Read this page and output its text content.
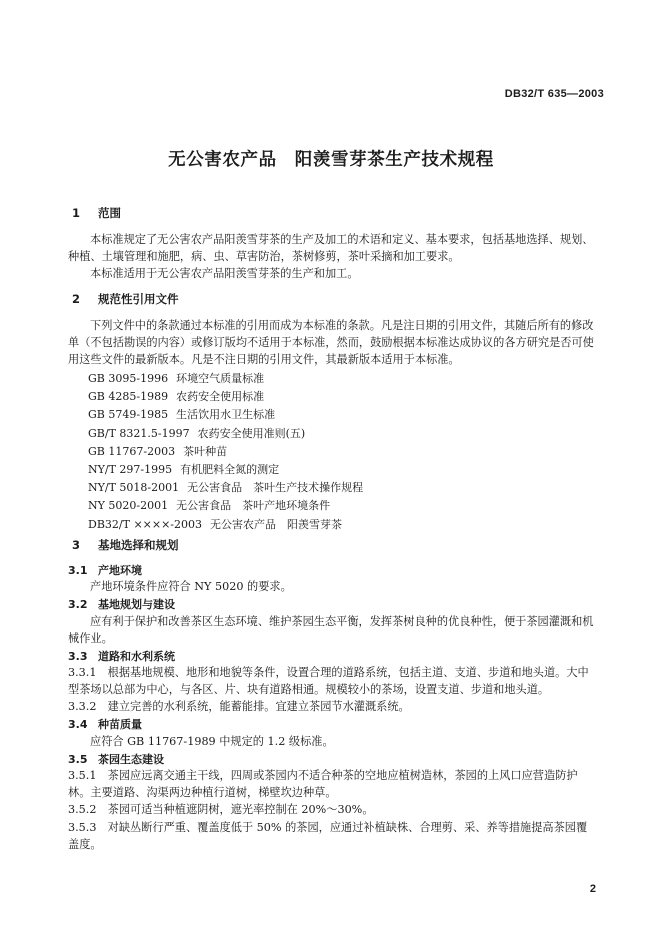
DB32/T 635—2003
无公害农产品　阳羡雪芽茶生产技术规程
1 范围
本标准规定了无公害农产品阳羡雪芽茶的生产及加工的术语和定义、基本要求，包括基地选择、规划、种植、土壤管理和施肥，病、虫、草害防治，茶树修剪，茶叶采摘和加工要求。
本标准适用于无公害农产品阳羡雪芽茶的生产和加工。
2 规范性引用文件
下列文件中的条款通过本标准的引用而成为本标准的条款。凡是注日期的引用文件，其随后所有的修改单（不包括勘误的内容）或修订版均不适用于本标准，然而，鼓励根据本标准达成协议的各方研究是否可使用这些文件的最新版本。凡是不注日期的引用文件，其最新版本适用于本标准。
GB 3095-1996 环境空气质量标准
GB 4285-1989 农药安全使用标准
GB 5749-1985 生活饮用水卫生标准
GB/T 8321.5-1997 农药安全使用准则(五)
GB 11767-2003 茶叶种苗
NY/T 297-1995 有机肥料全氮的测定
NY/T 5018-2001 无公害食品　茶叶生产技术操作规程
NY 5020-2001 无公害食品　茶叶产地环境条件
DB32/T ××××-2003 无公害农产品　阳羡雪芽茶
3 基地选择和规划
3.1 产地环境
产地环境条件应符合 NY 5020 的要求。
3.2 基地规划与建设
应有利于保护和改善茶区生态环境、维护茶园生态平衡，发挥茶树良种的优良种性，便于茶园灌溉和机械作业。
3.3 道路和水利系统
3.3.1　根据基地规模、地形和地貌等条件，设置合理的道路系统，包括主道、支道、步道和地头道。大中型茶场以总部为中心，与各区、片、块有道路相通。规模较小的茶场，设置支道、步道和地头道。
3.3.2　建立完善的水利系统，能蓄能排。宜建立茶园节水灌溉系统。
3.4 种苗质量
应符合 GB 11767-1989 中规定的 1.2 级标准。
3.5 茶园生态建设
3.5.1　茶园应远离交通主干线，四周或茶园内不适合种茶的空地应植树造林，茶园的上风口应营造防护林。主要道路、沟渠两边种植行道树，梯壁坎边种草。
3.5.2　茶园可适当种植遮阴树，遮光率控制在 20%～30%。
3.5.3　对缺丛断行严重、覆盖度低于 50% 的茶园，应通过补植缺株、合理剪、采、养等措施提高茶园覆盖度。
2
